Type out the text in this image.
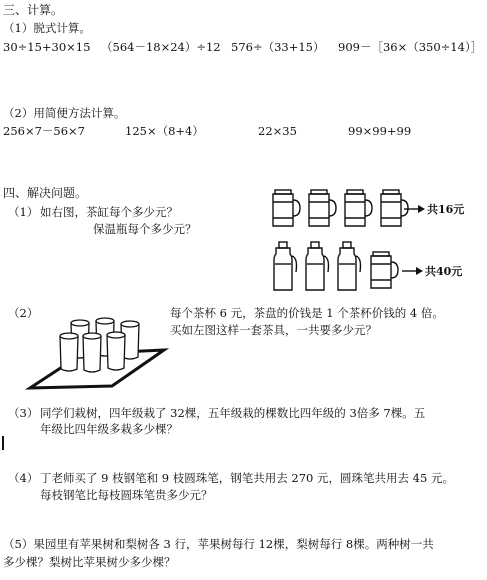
三、计算。
（1）脱式计算。
30÷15+30×15 （564－18×24）÷12 576÷（33+15） 909－［36×（350÷14）］
（2）用简便方法计算。
256×7－56×7	125×（8+4）	22×35	99×99+99
四、解决问题。
（1） 如右图，茶缸每个多少元？
保温瓶每个多少元？
共16元
共40元
（2）	每个茶杯 6 元，茶盘的价钱是 1 个茶杯价钱的 4 倍。
买如左图这样一套茶具，一共要多少元？
（3） 同学们栽树，四年级栽了 32棵，五年级栽的棵数比四年级的 3倍多 7棵。五
年级比四年级多栽多少棵？
（4） 丁老师买了 9 枝钢笔和 9 枝圆珠笔，钢笔共用去 270 元，圆珠笔共用去 45 元。
每枝钢笔比每枝圆珠笔贵多少元？
（5）果园里有苹果树和梨树各 3 行，苹果树每行 12棵，梨树每行 8棵。两种树一共
多少棵？梨树比苹果树少多少棵？
